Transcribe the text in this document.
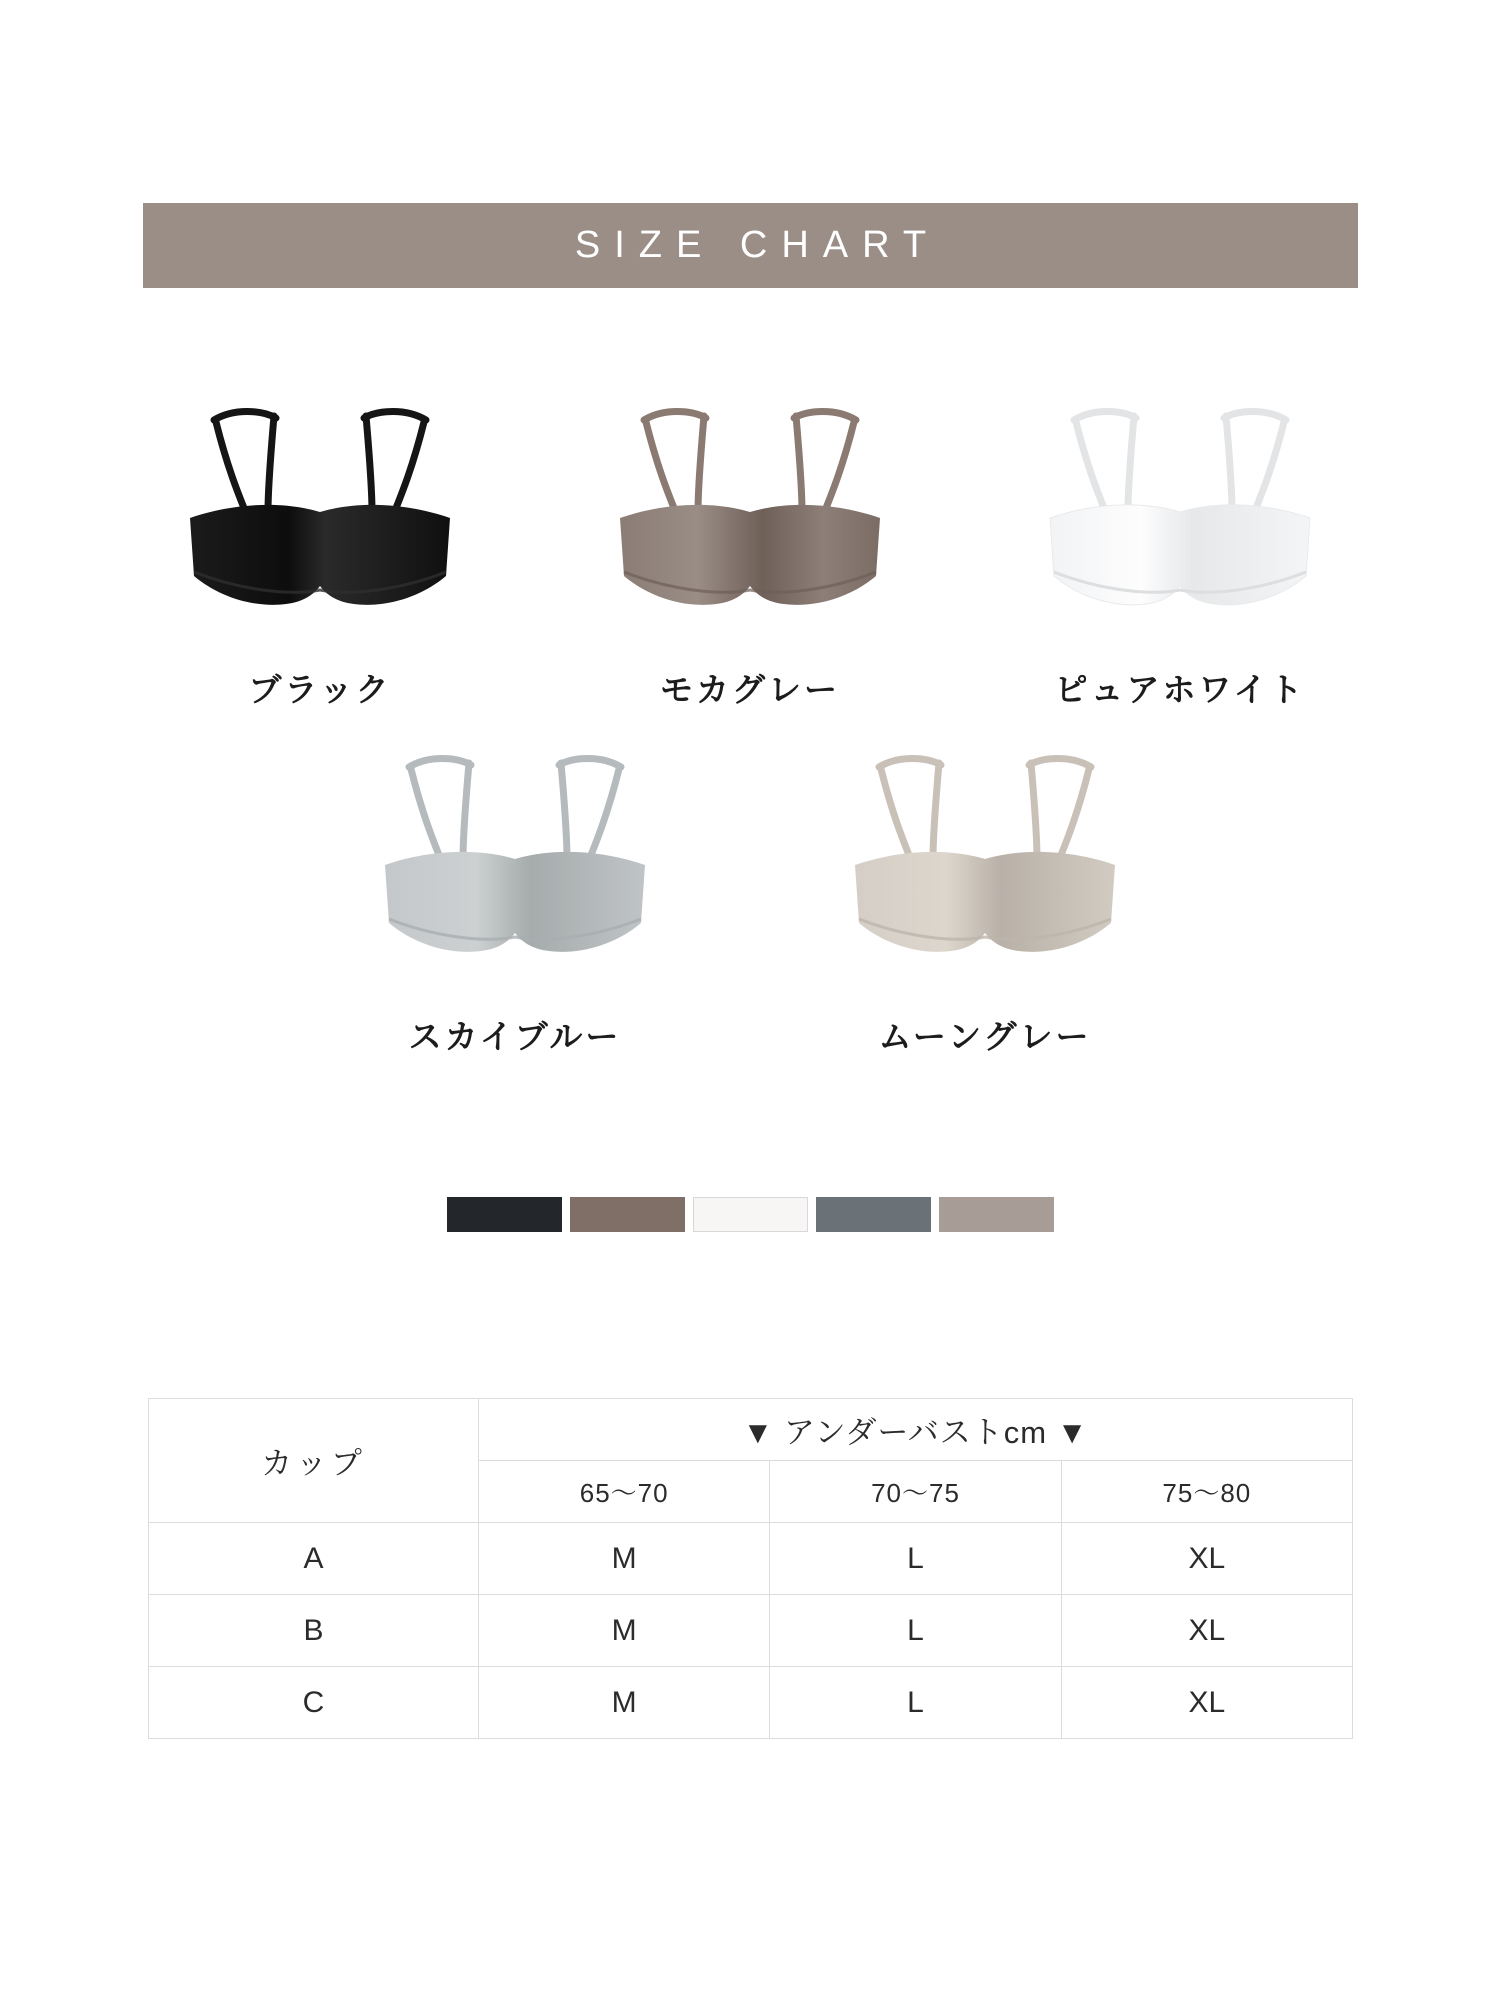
SIZE CHART
ブラック	モカグレー	ピュアホワイト
スカイブルー	ムーングレー
カップ	▼ アンダーバストcm ▼		
	65〜70	70〜75	75〜80
A	M	L	XL
B	M	L	XL
C	M	L	XL
